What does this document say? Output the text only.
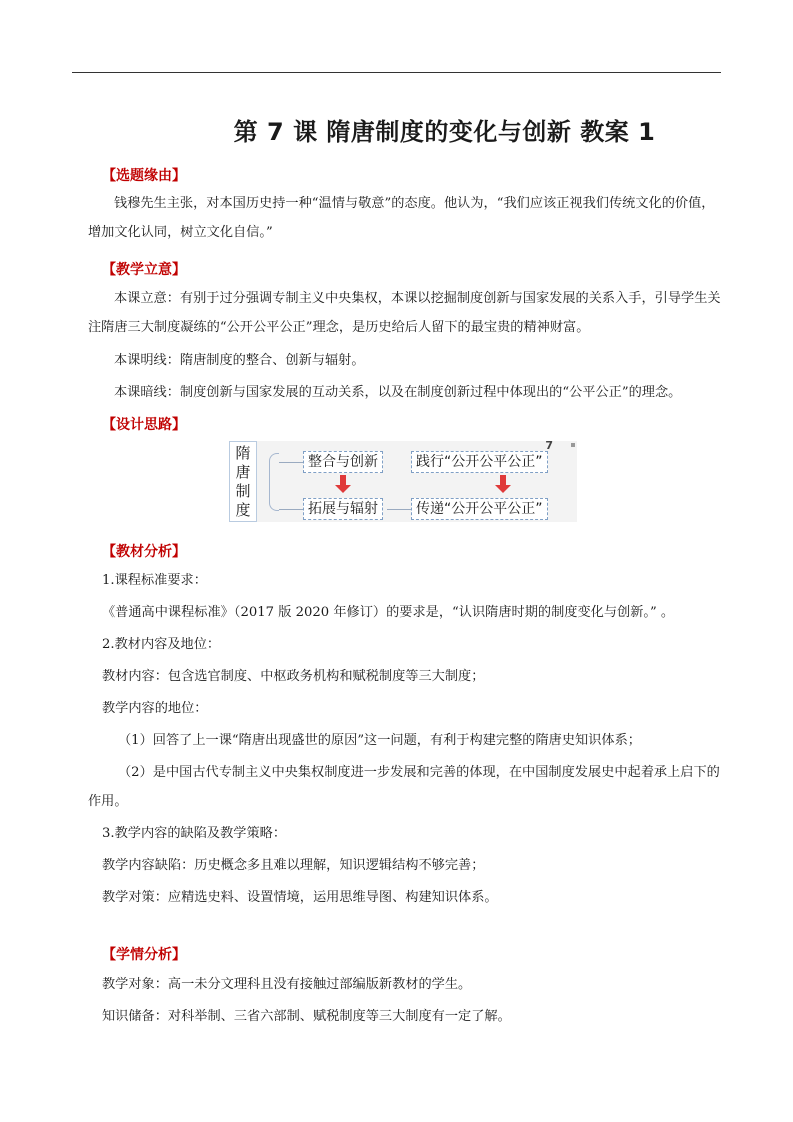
第 7 课 隋唐制度的变化与创新 教案 1
【选题缘由】
钱穆先生主张，对本国历史持一种“温情与敬意”的态度。他认为，“我们应该正视我们传统文化的价值，增加文化认同，树立文化自信。”
【教学立意】
本课立意：有别于过分强调专制主义中央集权，本课以挖掘制度创新与国家发展的关系入手，引导学生关注隋唐三大制度凝练的“公开公平公正”理念，是历史给后人留下的最宝贵的精神财富。
本课明线：隋唐制度的整合、创新与辐射。
本课暗线：制度创新与国家发展的互动关系，以及在制度创新过程中体现出的“公平公正”的理念。
【设计思路】
隋
唐
制
度
整合与创新	践行“公开公平公正”
拓展与辐射	传递“公开公平公正”
7
【教材分析】
1.课程标准要求：
《普通高中课程标准》（2017 版 2020 年修订）的要求是，“认识隋唐时期的制度变化与创新。” 。
2.教材内容及地位：
教材内容：包含选官制度、中枢政务机构和赋税制度等三大制度；
教学内容的地位：
（1）回答了上一课“隋唐出现盛世的原因”这一问题，有利于构建完整的隋唐史知识体系；
（2）是中国古代专制主义中央集权制度进一步发展和完善的体现，在中国制度发展史中起着承上启下的作用。
3.教学内容的缺陷及教学策略：
教学内容缺陷：历史概念多且难以理解，知识逻辑结构不够完善；
教学对策：应精选史料、设置情境，运用思维导图、构建知识体系。
【学情分析】
教学对象：高一未分文理科且没有接触过部编版新教材的学生。
知识储备：对科举制、三省六部制、赋税制度等三大制度有一定了解。
